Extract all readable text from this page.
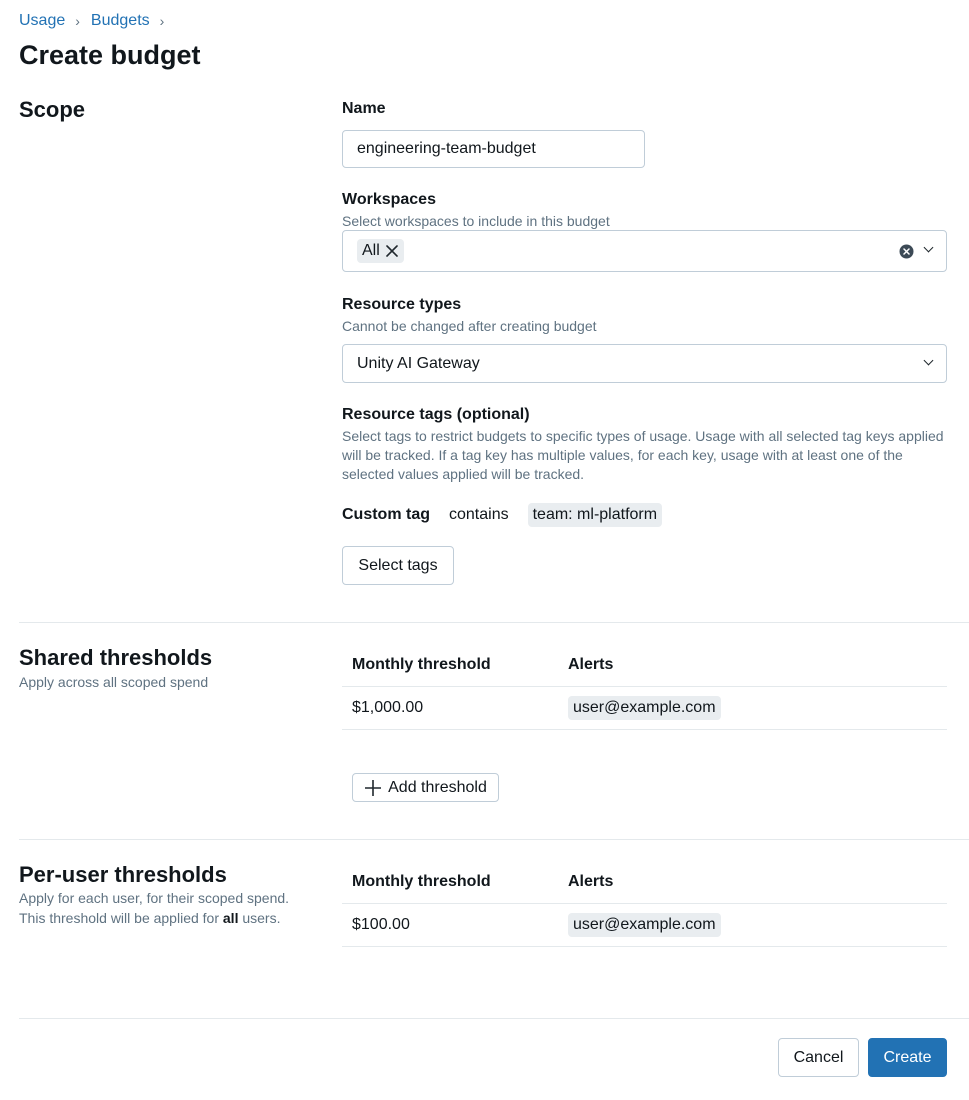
Usage › Budgets ›
Create budget
Scope	Name
engineering-team-budget
Workspaces
Select workspaces to include in this budget
All
Resource types
Cannot be changed after creating budget
Unity AI Gateway
Resource tags (optional)
Select tags to restrict budgets to specific types of usage. Usage with all selected tag keys applied will be tracked. If a tag key has multiple values, for each key, usage with at least one of the selected values applied will be tracked.
Custom tag contains	team: ml-platform
Select tags
Shared thresholds
Apply across all scoped spend
Monthly threshold	Alerts
$1,000.00	user@example.com
Add threshold
Per-user thresholds
Apply for each user, for their scoped spend.
This threshold will be applied for all users.
Monthly threshold	Alerts
$100.00	user@example.com
Cancel	Create
